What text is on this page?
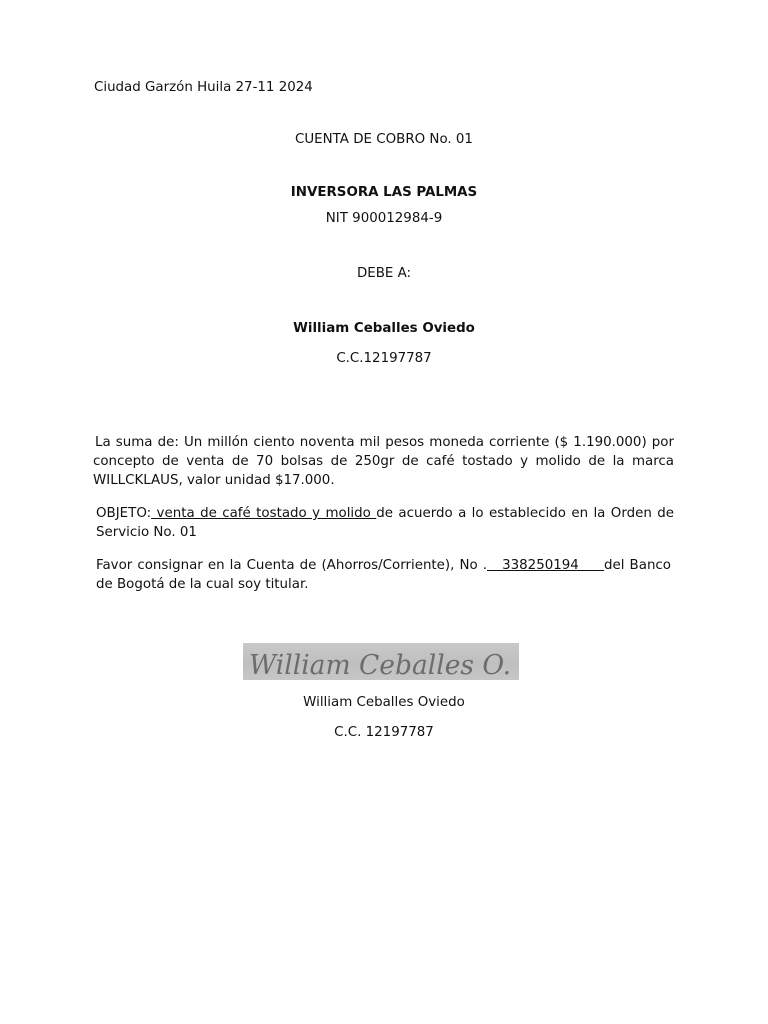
Ciudad Garzón Huila 27-11 2024
CUENTA DE COBRO No. 01
INVERSORA LAS PALMAS
NIT 900012984-9
DEBE A:
William Ceballes Oviedo
C.C.12197787
La suma de: Un millón ciento noventa mil pesos moneda corriente ($ 1.190.000) por concepto de venta de 70 bolsas de 250gr de café tostado y molido de la marca WILLCKLAUS, valor unidad $17.000.
OBJETO: venta de café tostado y molido de acuerdo a lo establecido en la Orden de Servicio No. 01
Favor consignar en la Cuenta de (Ahorros/Corriente), No .   338250194     del Banco de Bogotá de la cual soy titular.
William Ceballes O.
William Ceballes Oviedo
C.C. 12197787
